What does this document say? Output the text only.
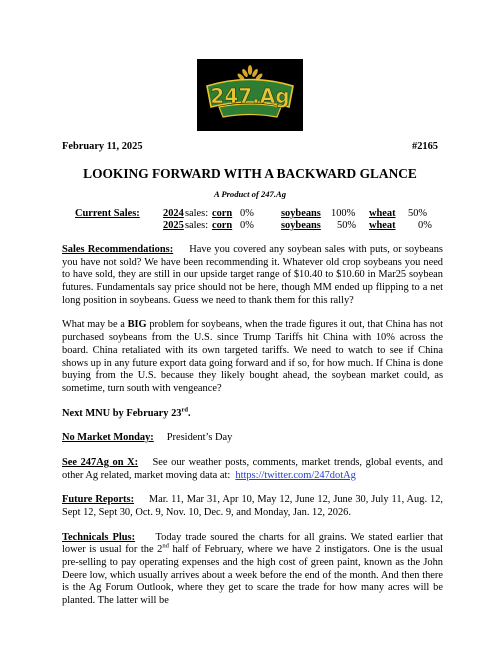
247.Ag
February 11, 2025	#2165
LOOKING FORWARD WITH A BACKWARD GLANCE
A Product of 247.Ag
Current Sales: 2024 sales: corn 0%	soybeans 100% wheat 50%
2025 sales: corn 0%	soybeans 50% wheat 0%

Sales Recommendations: Have you covered any soybean sales with puts, or soybeans you have not sold? We have been recommending it. Whatever old crop soybeans you need to have sold, they are still in our upside target range of $10.40 to $10.60 in Mar25 soybean futures. Fundamentals say price should not be here, though MM ended up flipping to a net long position in soybeans. Guess we need to thank them for this rally?

What may be a BIG problem for soybeans, when the trade figures it out, that China has not purchased soybeans from the U.S. since Trump Tariffs hit China with 10% across the board. China retaliated with its own targeted tariffs. We need to watch to see if China shows up in any future export data going forward and if so, for how much. If China is done buying from the U.S. because they likely bought ahead, the soybean market could, as sometime, turn south with vengeance?

Next MNU by February 23rd.

No Market Monday: President’s Day

See 247Ag on X: See our weather posts, comments, market trends, global events, and other Ag related, market moving data at: https://twitter.com/247dotAg

Future Reports: Mar. 11, Mar 31, Apr 10, May 12, June 12, June 30, July 11, Aug. 12, Sept 12, Sept 30, Oct. 9, Nov. 10, Dec. 9, and Monday, Jan. 12, 2026.

Technicals Plus: Today trade soured the charts for all grains. We stated earlier that lower is usual for the 2nd half of February, where we have 2 instigators. One is the usual pre-selling to pay operating expenses and the high cost of green paint, known as the John Deere low, which usually arrives about a week before the end of the month. And then there is the Ag Forum Outlook, where they get to scare the trade for how many acres will be planted. The latter will be
